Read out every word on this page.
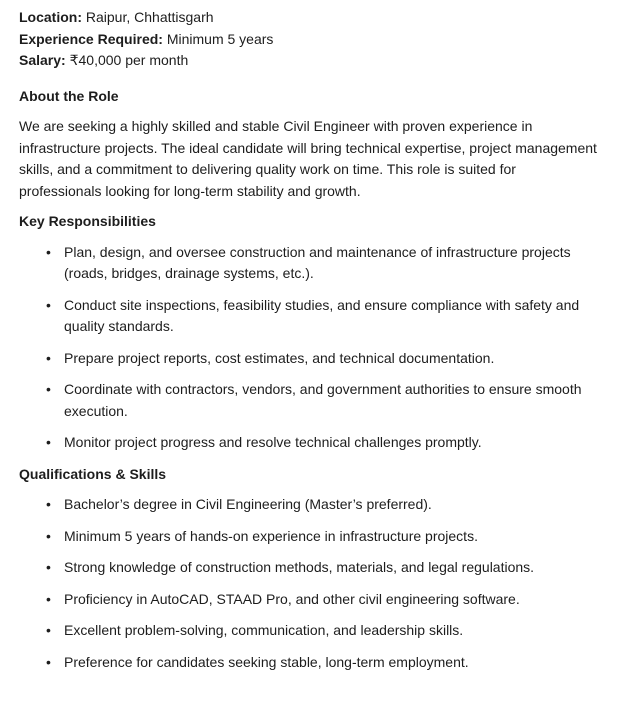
Location: Raipur, Chhattisgarh
Experience Required: Minimum 5 years
Salary: ₹40,000 per month
About the Role

We are seeking a highly skilled and stable Civil Engineer with proven experience in infrastructure projects. The ideal candidate will bring technical expertise, project management skills, and a commitment to delivering quality work on time. This role is suited for professionals looking for long-term stability and growth.

Key Responsibilities
• Plan, design, and oversee construction and maintenance of infrastructure projects (roads, bridges, drainage systems, etc.).
• Conduct site inspections, feasibility studies, and ensure compliance with safety and quality standards.
• Prepare project reports, cost estimates, and technical documentation.
• Coordinate with contractors, vendors, and government authorities to ensure smooth execution.
• Monitor project progress and resolve technical challenges promptly.
Qualifications & Skills
• Bachelor’s degree in Civil Engineering (Master’s preferred).
• Minimum 5 years of hands-on experience in infrastructure projects.
• Strong knowledge of construction methods, materials, and legal regulations.
• Proficiency in AutoCAD, STAAD Pro, and other civil engineering software.
• Excellent problem-solving, communication, and leadership skills.
• Preference for candidates seeking stable, long-term employment.
